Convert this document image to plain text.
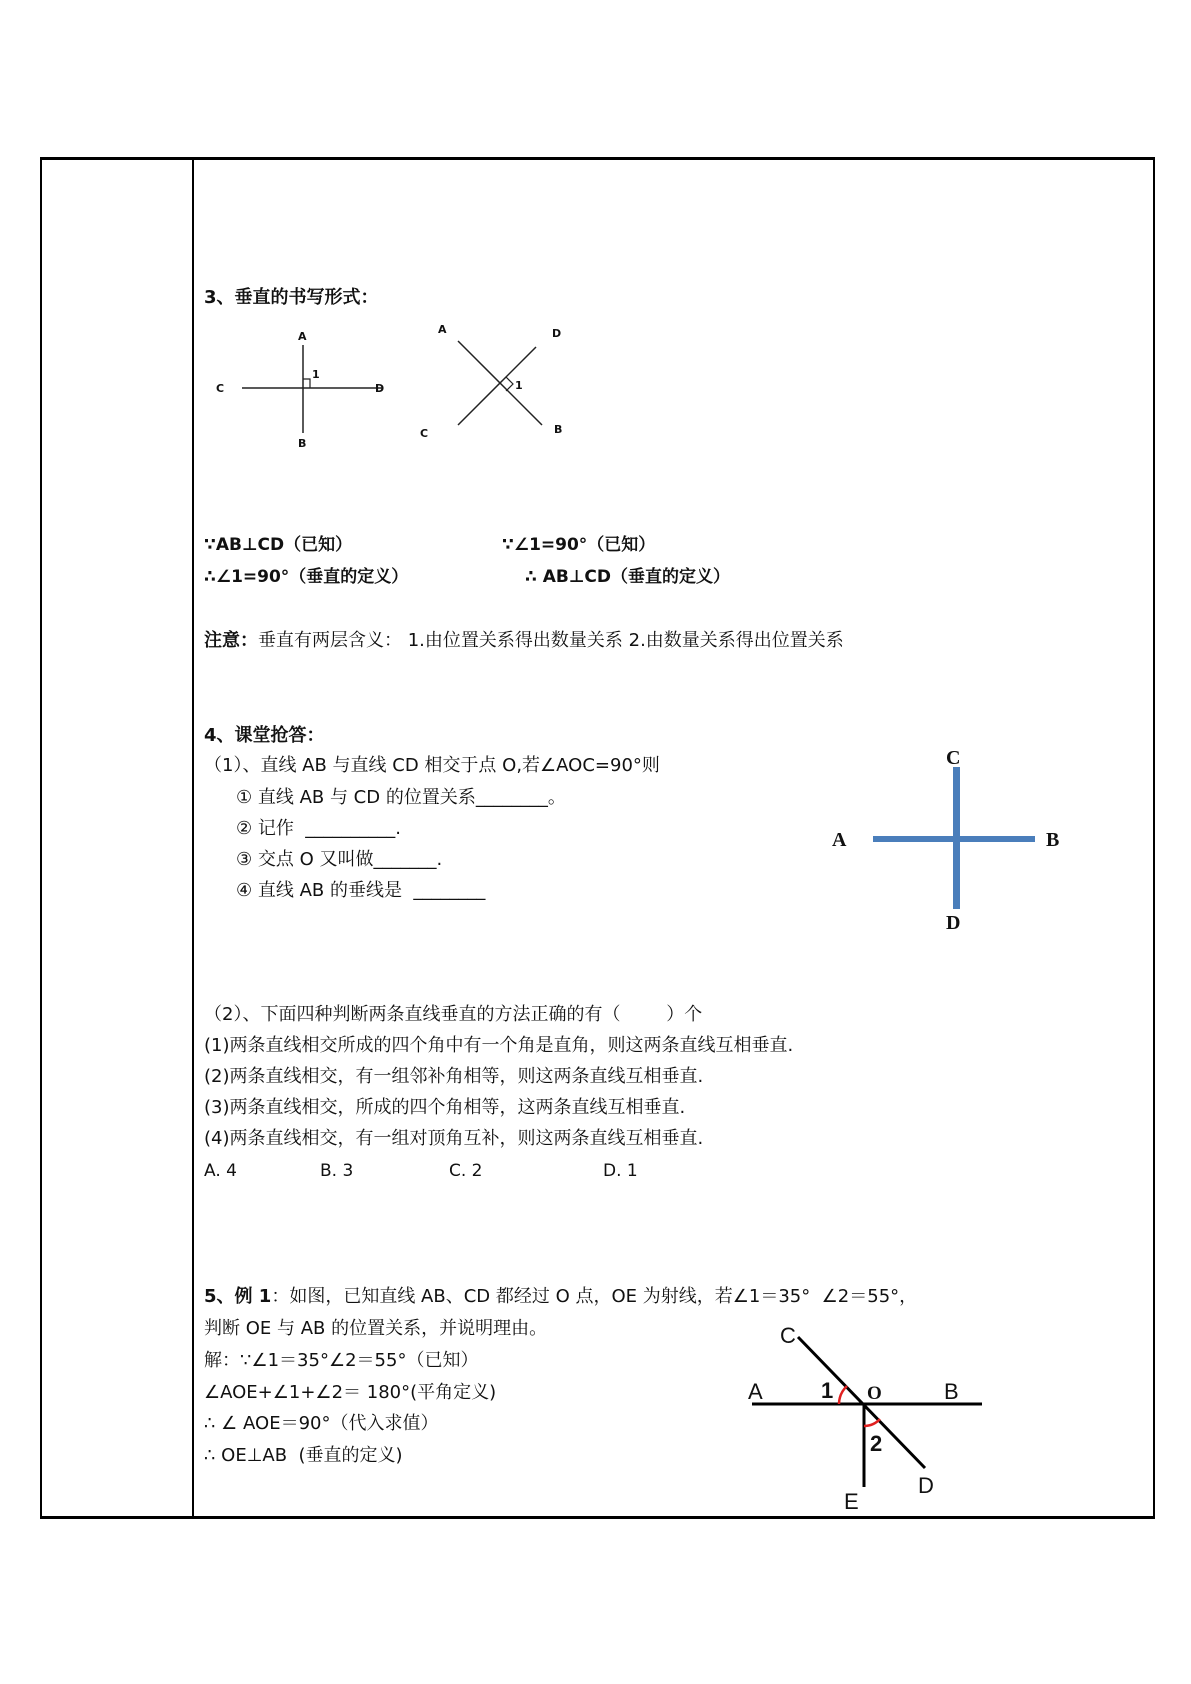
3、垂直的书写形式：
A
B
C	D
1
A
B
C
D
1
∵AB⊥CD（已知）
∴∠1=90°（垂直的定义）
∵∠1=90°（已知）
∴ AB⊥CD（垂直的定义）
注意：垂直有两层含义： 1.由位置关系得出数量关系 2.由数量关系得出位置关系
4、课堂抢答：
（1）、直线 AB 与直线 CD 相交于点 O,若∠AOC=90°则
① 直线 AB 与 CD 的位置关系________。
② 记作  __________.
③ 交点 O 又叫做_______.
④ 直线 AB 的垂线是  ________
C
D
A	B
（2）、下面四种判断两条直线垂直的方法正确的有（        ）个
(1)两条直线相交所成的四个角中有一个角是直角，则这两条直线互相垂直.
(2)两条直线相交，有一组邻补角相等，则这两条直线互相垂直.
(3)两条直线相交，所成的四个角相等，这两条直线互相垂直.
(4)两条直线相交，有一组对顶角互补，则这两条直线互相垂直.
A. 4	B. 3	C. 2	D. 1
5、例 1：如图，已知直线 AB、CD 都经过 O 点，OE 为射线，若∠1＝35°  ∠2＝55°，
判断 OE 与 AB 的位置关系，并说明理由。
解：∵∠1＝35°∠2＝55°（已知）
∠AOE+∠1+∠2＝ 180°(平角定义)
∴ ∠ AOE＝90°（代入求值）
∴ OE⊥AB  (垂直的定义)
C
A	B
D
E
O
1
2
